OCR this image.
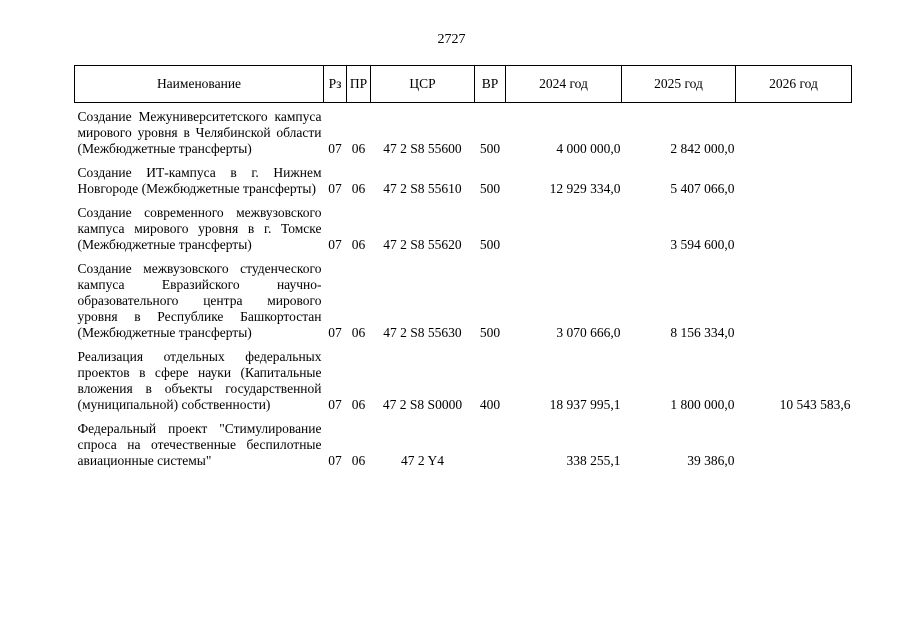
2727
Наименование	Рз	ПР	ЦСР	ВР	2024 год	2025 год	2026 год
Создание Межуниверситетского кампуса мирового уровня в Челябинской области (Межбюджетные трансферты)	07	06	47 2 S8 55600	500	4 000 000,0	2 842 000,0	
Создание ИТ-кампуса в г. Нижнем Новгороде (Межбюджетные трансферты)	07	06	47 2 S8 55610	500	12 929 334,0	5 407 066,0	
Создание современного межвузовского кампуса мирового уровня в г. Томске (Межбюджетные трансферты)	07	06	47 2 S8 55620	500		3 594 600,0	
Создание межвузовского студенческого кампуса Евразийского научно-образовательного центра мирового уровня в Республике Башкортостан (Межбюджетные трансферты)	07	06	47 2 S8 55630	500	3 070 666,0	8 156 334,0	
Реализация отдельных федеральных проектов в сфере науки (Капитальные вложения в объекты государственной (муниципальной) собственности)	07	06	47 2 S8 S0000	400	18 937 995,1	1 800 000,0	10 543 583,6
Федеральный проект "Стимулирование спроса на отечественные беспилотные авиационные системы"	07	06	47 2 Y4		338 255,1	39 386,0	
